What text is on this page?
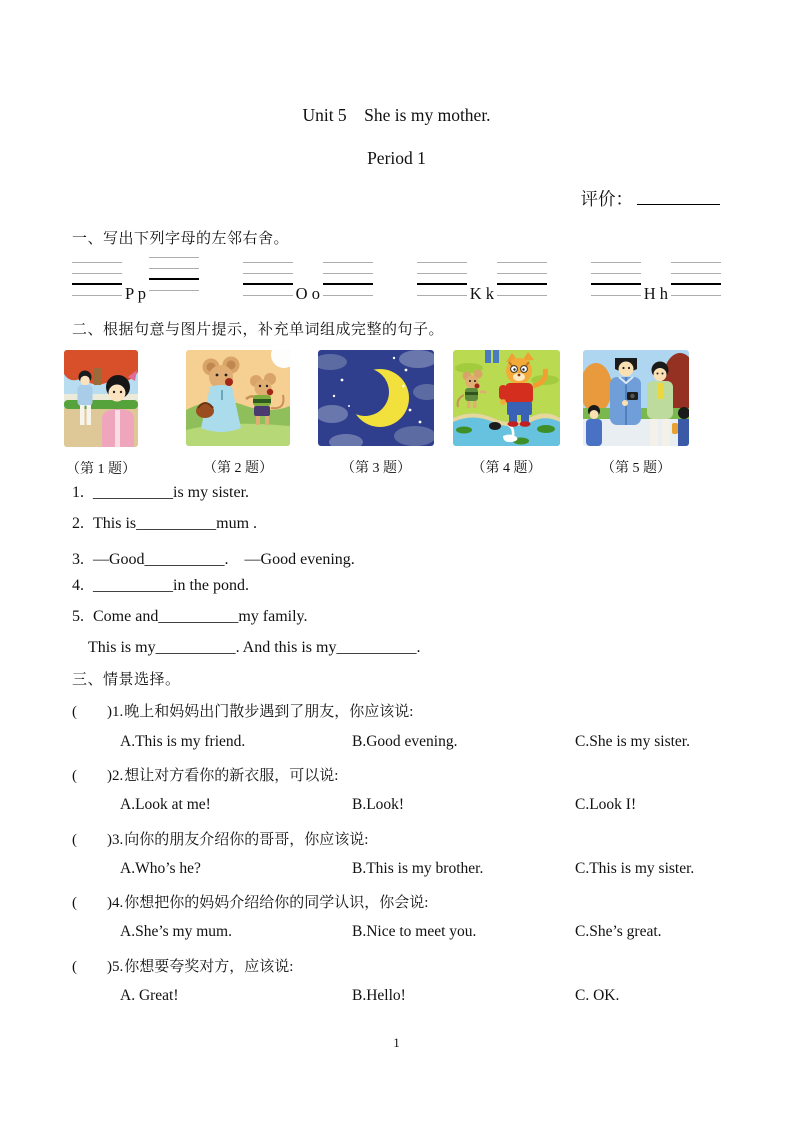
Unit 5　She is my mother.
Period 1
评价：
一、写出下列字母的左邻右舍。
P p	O o	K k	H h
二、根据句意与图片提示，补充单词组成完整的句子。
（第 1 题）	（第 2 题）	（第 3 题）	（第 4 题）	（第 5 题）
1. __________is my sister.
2. This is__________mum .
3. —Good__________.　—Good evening.
4. __________in the pond.
5. Come and__________my family.
This is my__________. And this is my__________.
三、情景选择。
( )1.晚上和妈妈出门散步遇到了朋友，你应该说:
A.This is my friend.	B.Good evening.	C.She is my sister.
( )2.想让对方看你的新衣服，可以说:
A.Look at me!	B.Look!	C.Look I!
( )3.向你的朋友介绍你的哥哥，你应该说:
A.Who’s he?	B.This is my brother.	C.This is my sister.
( )4.你想把你的妈妈介绍给你的同学认识，你会说:
A.She’s my mum.	B.Nice to meet you.	C.She’s great.
( )5.你想要夸奖对方，应该说:
A. Great!	B.Hello!	C. OK.
1
